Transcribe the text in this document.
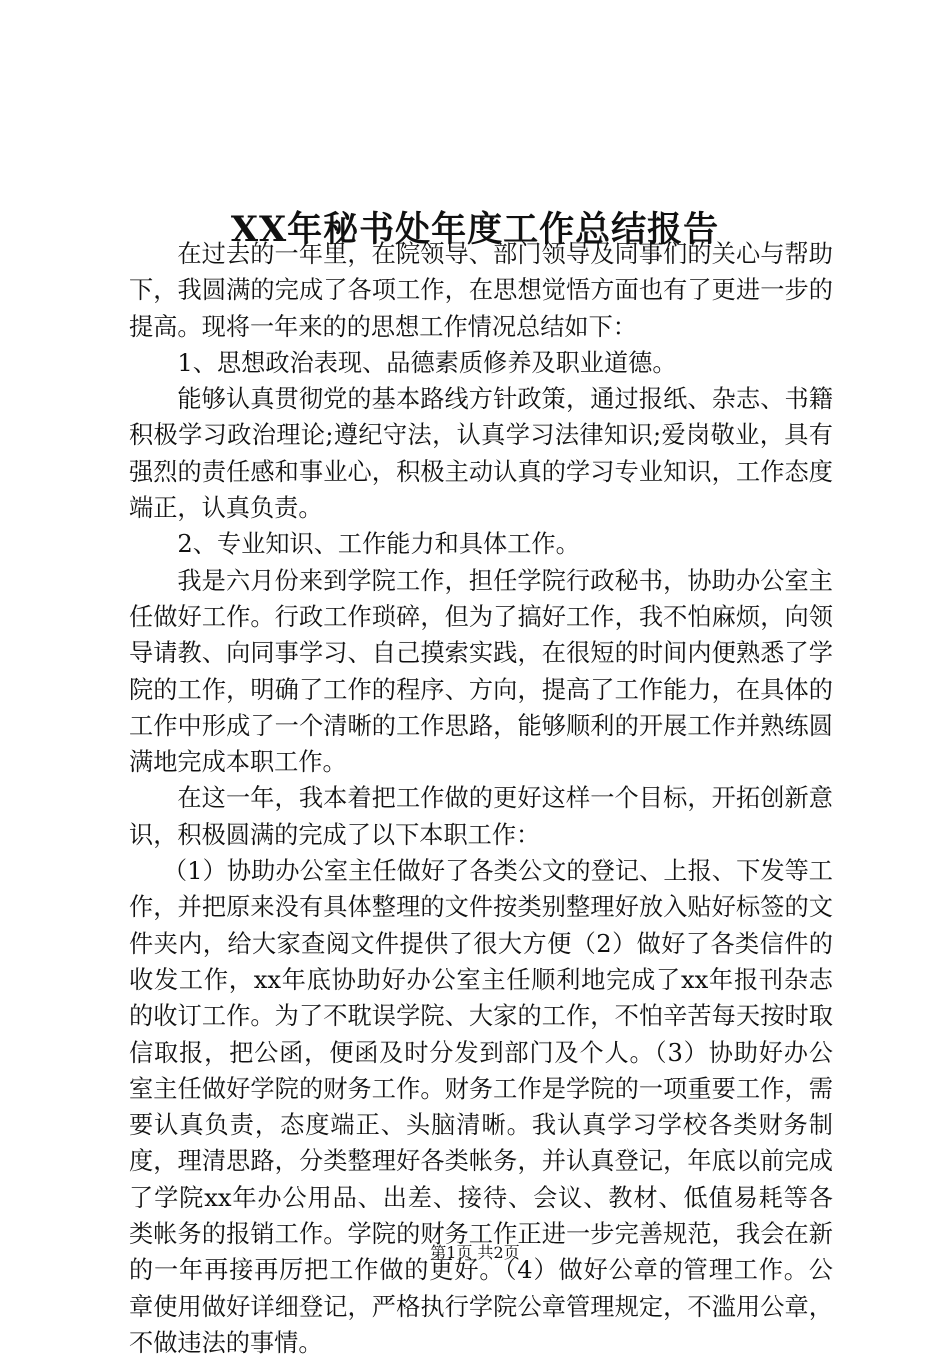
XX年秘书处年度工作总结报告

在过去的一年里，在院领导、部门领导及同事们的关心与帮助下，我圆满的完成了各项工作，在思想觉悟方面也有了更进一步的提高。现将一年来的的思想工作情况总结如下：

1、思想政治表现、品德素质修养及职业道德。

能够认真贯彻党的基本路线方针政策，通过报纸、杂志、书籍积极学习政治理论;遵纪守法，认真学习法律知识;爱岗敬业，具有强烈的责任感和事业心，积极主动认真的学习专业知识，工作态度端正，认真负责。

2、专业知识、工作能力和具体工作。

我是六月份来到学院工作，担任学院行政秘书，协助办公室主任做好工作。行政工作琐碎，但为了搞好工作，我不怕麻烦，向领导请教、向同事学习、自己摸索实践，在很短的时间内便熟悉了学院的工作，明确了工作的程序、方向，提高了工作能力，在具体的工作中形成了一个清晰的工作思路，能够顺利的开展工作并熟练圆满地完成本职工作。

在这一年，我本着把工作做的更好这样一个目标，开拓创新意识，积极圆满的完成了以下本职工作：

（1）协助办公室主任做好了各类公文的登记、上报、下发等工作，并把原来没有具体整理的文件按类别整理好放入贴好标签的文件夹内，给大家查阅文件提供了很大方便（2）做好了各类信件的收发工作，xx年底协助好办公室主任顺利地完成了xx年报刊杂志的收订工作。为了不耽误学院、大家的工作，不怕辛苦每天按时取信取报，把公函，便函及时分发到部门及个人。（3）协助好办公室主任做好学院的财务工作。财务工作是学院的一项重要工作，需要认真负责，态度端正、头脑清晰。我认真学习学校各类财务制度，理清思路，分类整理好各类帐务，并认真登记，年底以前完成了学院xx年办公用品、出差、接待、会议、教材、低值易耗等各类帐务的报销工作。学院的财务工作正进一步完善规范，我会在新的一年再接再厉把工作做的更好。（4）做好公章的管理工作。公章使用做好详细登记，严格执行学院公章管理规定，不滥用公章，不做违法的事情。

第1页 共2页
